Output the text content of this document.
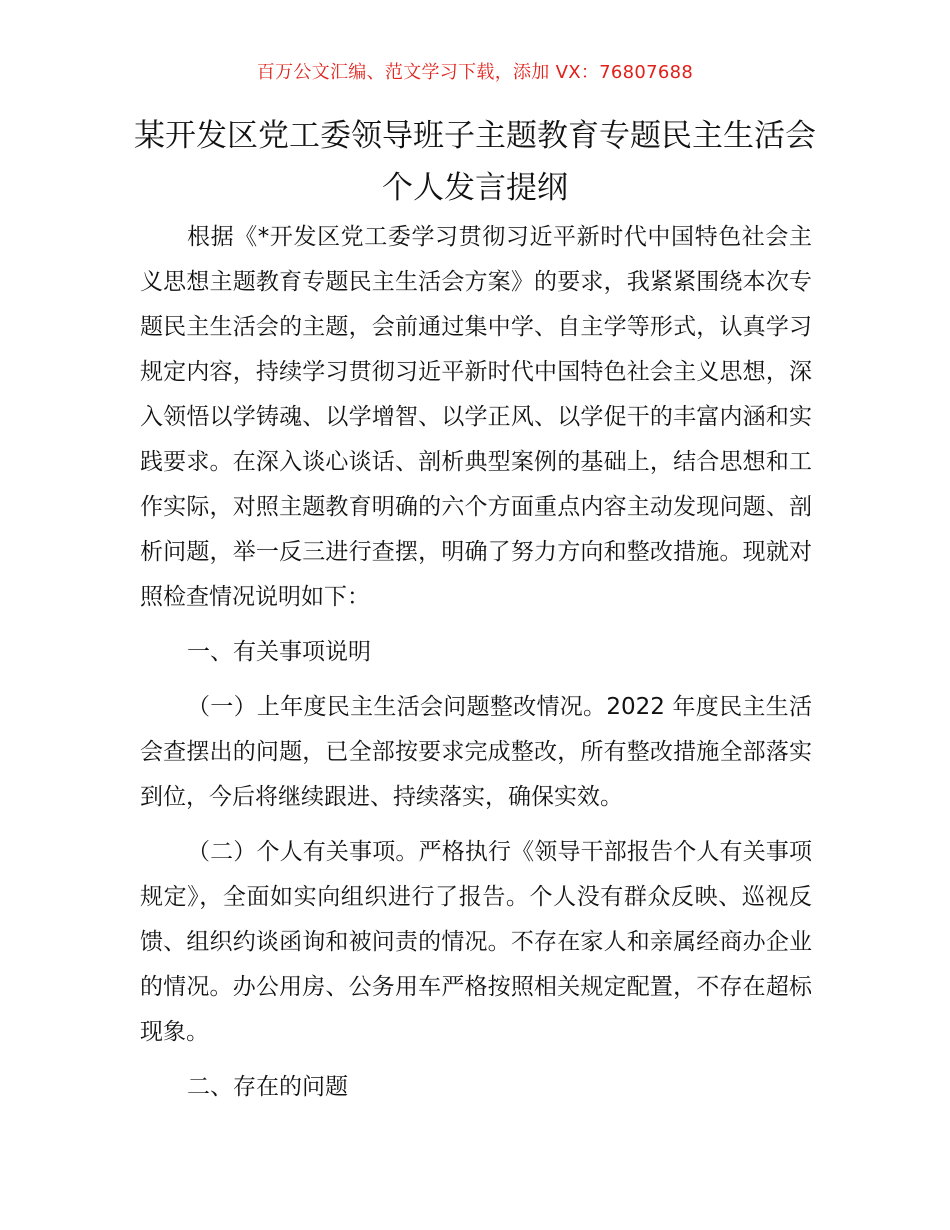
百万公文汇编、范文学习下载，添加 VX：76807688
某开发区党工委领导班子主题教育专题民主生活会个人发言提纲

根据《*开发区党工委学习贯彻习近平新时代中国特色社会主义思想主题教育专题民主生活会方案》的要求，我紧紧围绕本次专题民主生活会的主题，会前通过集中学、自主学等形式，认真学习规定内容，持续学习贯彻习近平新时代中国特色社会主义思想，深入领悟以学铸魂、以学增智、以学正风、以学促干的丰富内涵和实践要求。在深入谈心谈话、剖析典型案例的基础上，结合思想和工作实际，对照主题教育明确的六个方面重点内容主动发现问题、剖析问题，举一反三进行查摆，明确了努力方向和整改措施。现就对照检查情况说明如下：

一、有关事项说明

（一）上年度民主生活会问题整改情况。2022 年度民主生活会查摆出的问题，已全部按要求完成整改，所有整改措施全部落实到位，今后将继续跟进、持续落实，确保实效。

（二）个人有关事项。严格执行《领导干部报告个人有关事项规定》，全面如实向组织进行了报告。个人没有群众反映、巡视反馈、组织约谈函询和被问责的情况。不存在家人和亲属经商办企业的情况。办公用房、公务用车严格按照相关规定配置，不存在超标现象。

二、存在的问题
